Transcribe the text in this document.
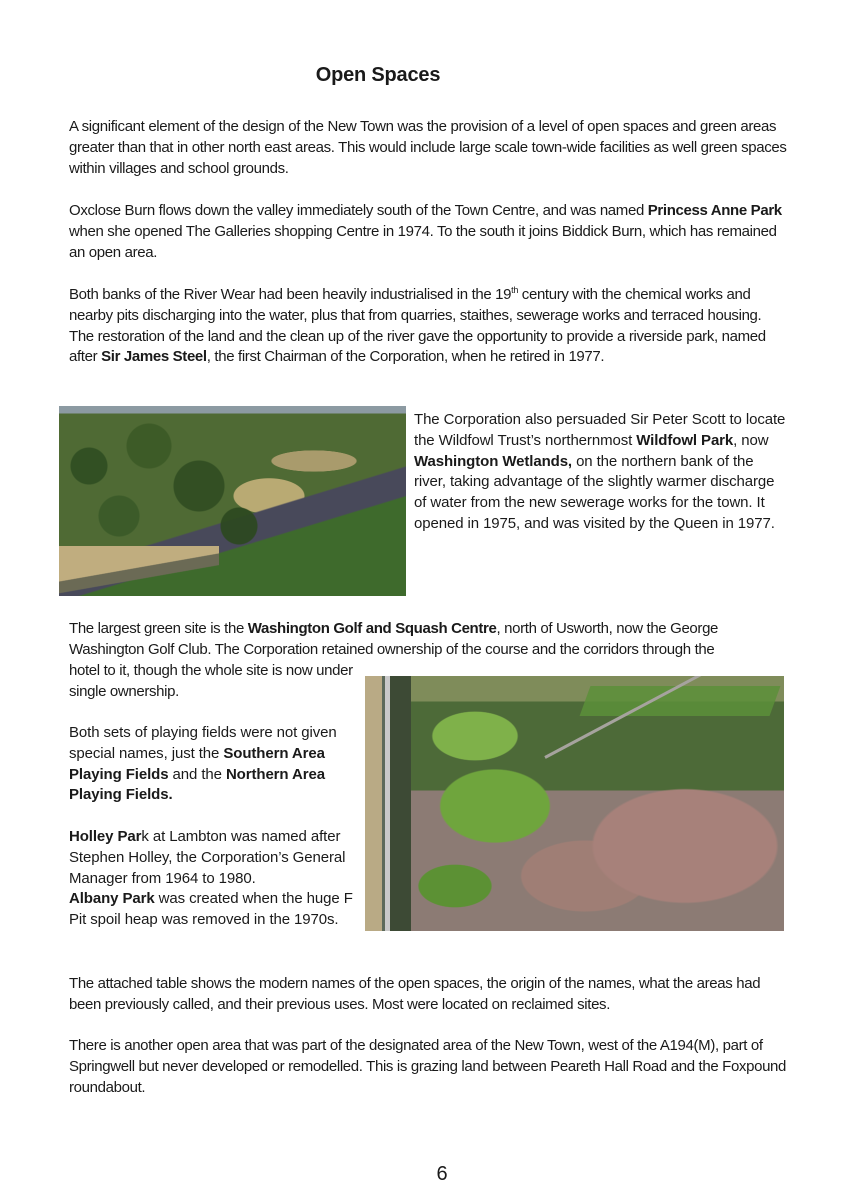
Open Spaces

A significant element of the design of the New Town was the provision of a level of open spaces and green areas greater than that in other north east areas. This would include large scale town-wide facilities as well green spaces within villages and school grounds.

Oxclose Burn flows down the valley immediately south of the Town Centre, and was named Princess Anne Park when she opened The Galleries shopping Centre in 1974. To the south it joins Biddick Burn, which has remained an open area.

Both banks of the River Wear had been heavily industrialised in the 19th century with the chemical works and nearby pits discharging into the water, plus that from quarries, staithes, sewerage works and terraced housing. The restoration of the land and the clean up of the river gave the opportunity to provide a riverside park, named after Sir James Steel, the first Chairman of the Corporation, when he retired in 1977.

The Corporation also persuaded Sir Peter Scott to locate the Wildfowl Trust’s northernmost Wildfowl Park, now Washington Wetlands, on the northern bank of the river, taking advantage of the slightly warmer discharge of water from the new sewerage works for the town. It opened in 1975, and was visited by the Queen in 1977.

The largest green site is the Washington Golf and Squash Centre, north of Usworth, now the George Washington Golf Club. The Corporation retained ownership of the course and the corridors through the

hotel to it, though the whole site is now under single ownership.

Both sets of playing fields were not given special names, just the Southern Area Playing Fields and the Northern Area Playing Fields.

Holley Park at Lambton was named after Stephen Holley, the Corporation’s General Manager from 1964 to 1980.
Albany Park was created when the huge F Pit spoil heap was removed in the 1970s.

The attached table shows the modern names of the open spaces, the origin of the names, what the areas had been previously called, and their previous uses. Most were located on reclaimed sites.

There is another open area that was part of the designated area of the New Town, west of the A194(M), part of Springwell but never developed or remodelled. This is grazing land between Peareth Hall Road and the Foxpound roundabout.

6
